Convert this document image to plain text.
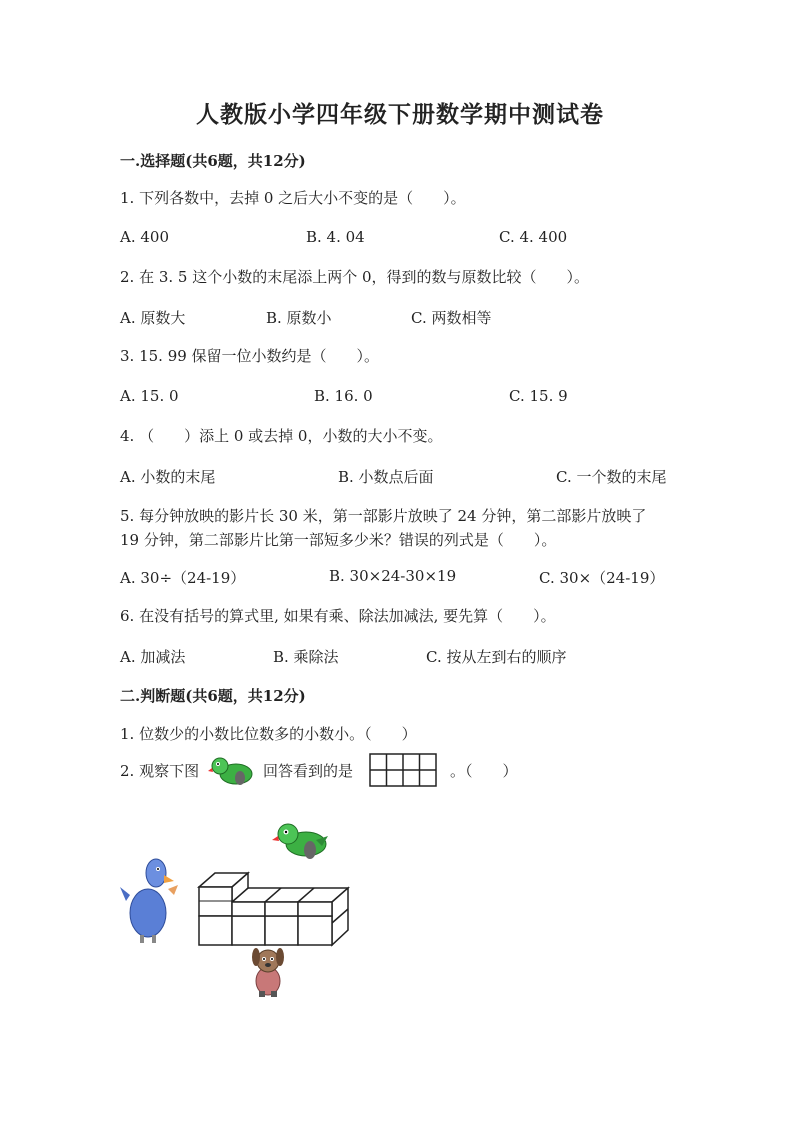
人教版小学四年级下册数学期中测试卷
一.选择题(共6题，共12分)
1. 下列各数中，去掉 0 之后大小不变的是（　　）。
A. 400	B. 4. 04	C. 4. 400
2. 在 3. 5 这个小数的末尾添上两个 0，得到的数与原数比较（　　）。
A. 原数大	B. 原数小	C. 两数相等
3. 15. 99 保留一位小数约是（　　）。
A. 15. 0	B. 16. 0	C. 15. 9
4. （　　）添上 0 或去掉 0，小数的大小不变。
A. 小数的末尾	B. 小数点后面	C. 一个数的末尾
5. 每分钟放映的影片长 30 米，第一部影片放映了 24 分钟，第二部影片放映了
19 分钟，第二部影片比第一部短多少米？错误的列式是（　　）。
A. 30÷（24-19）	B. 30×24-30×19	C. 30×（24-19）
6. 在没有括号的算式里, 如果有乘、除法加减法, 要先算（　　）。
A. 加减法	B. 乘除法	C. 按从左到右的顺序
二.判断题(共6题，共12分)
1. 位数少的小数比位数多的小数小。（　　）
2. 观察下图	回答看到的是	。（　　）
